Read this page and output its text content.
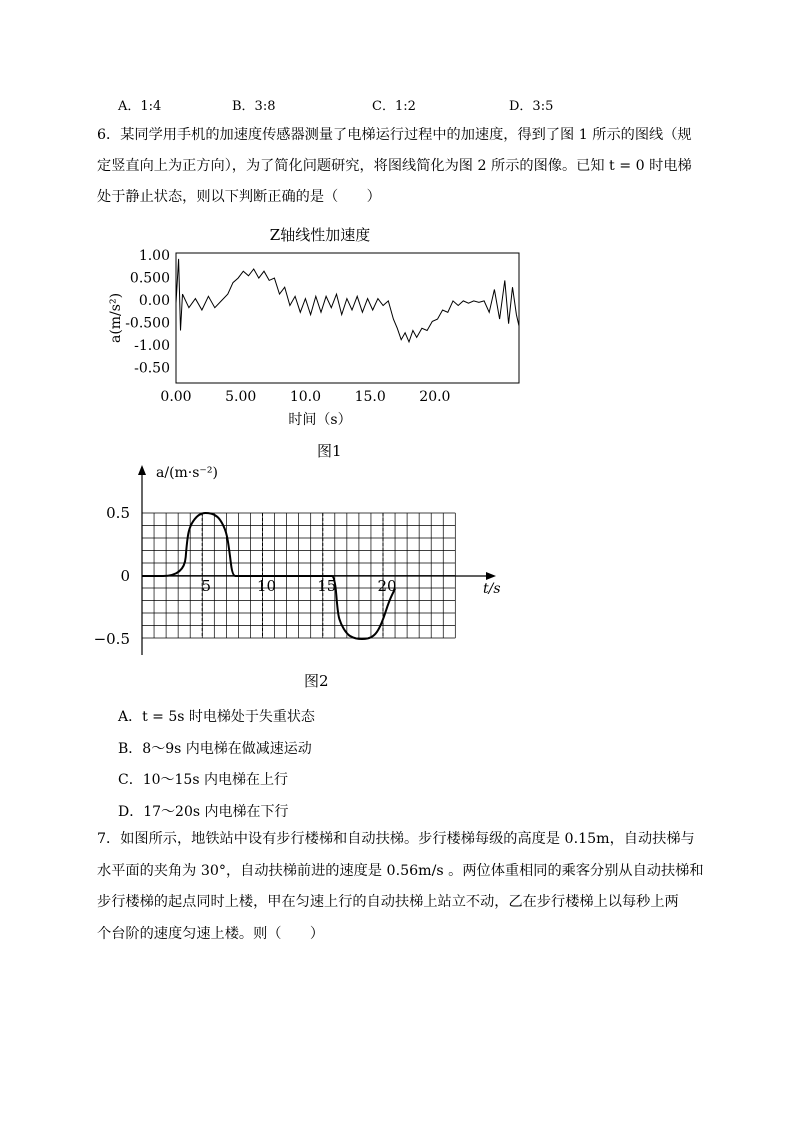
A．1:4	B．3:8	C．1:2	D．3:5
6．某同学用手机的加速度传感器测量了电梯运行过程中的加速度，得到了图 1 所示的图线（规
定竖直向上为正方向），为了简化问题研究，将图线简化为图 2 所示的图像。已知 t = 0 时电梯
处于静止状态，则以下判断正确的是（　　）
Z轴线性加速度
1.00
0.500
0.00
-0.500
-1.00
-0.50
0.00 5.00 10.0 15.0 20.0
a(m/s²)
时间（s）
图1
a/(m·s⁻²)
t/s
0.5
0
−0.5
5	10	15	20
图2
A．t = 5s 时电梯处于失重状态
B．8～9s 内电梯在做减速运动
C．10～15s 内电梯在上行
D．17～20s 内电梯在下行
7．如图所示，地铁站中设有步行楼梯和自动扶梯。步行楼梯每级的高度是 0.15m，自动扶梯与
水平面的夹角为 30°，自动扶梯前进的速度是 0.56m/s 。两位体重相同的乘客分别从自动扶梯和
步行楼梯的起点同时上楼，甲在匀速上行的自动扶梯上站立不动，乙在步行楼梯上以每秒上两
个台阶的速度匀速上楼。则（　　）
